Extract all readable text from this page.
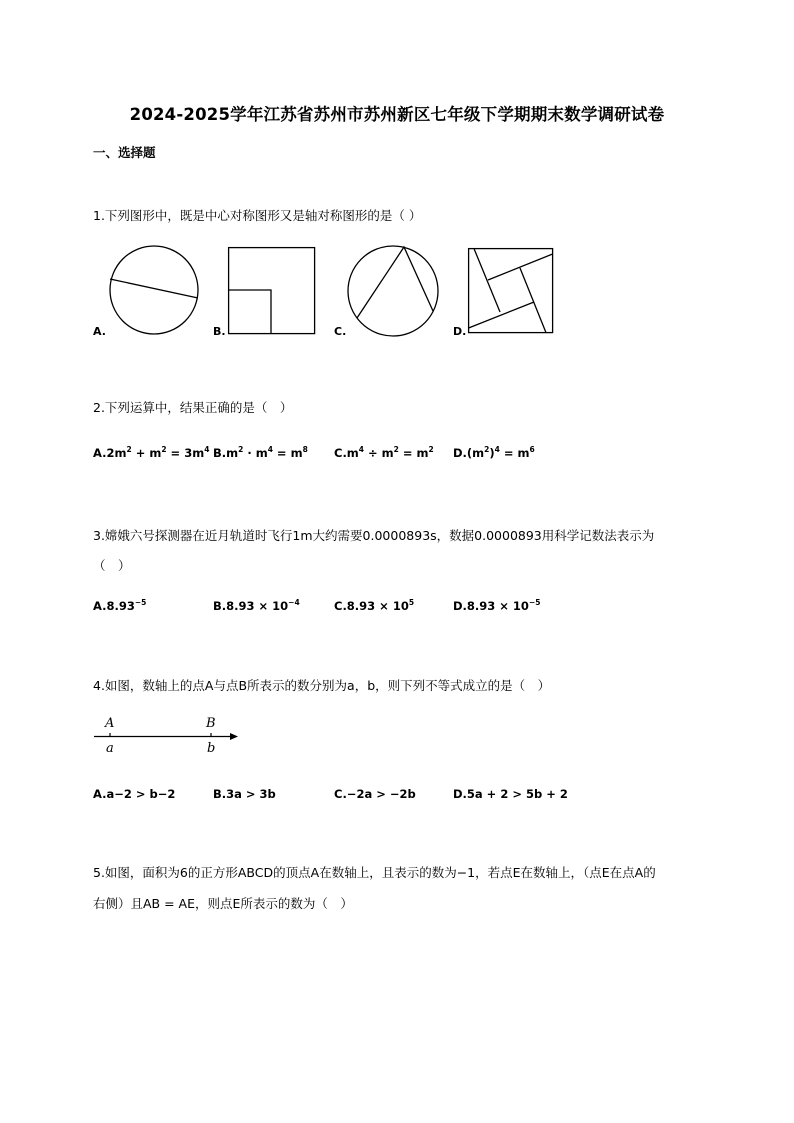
2024-2025学年江苏省苏州市苏州新区七年级下学期期末数学调研试卷
一、选择题
1.下列图形中，既是中心对称图形又是轴对称图形的是（ ）
A.	B.	C.	D.
2.下列运算中，结果正确的是（　）
$A.2m^2 + m^2 = 3m^4$ $B.m^2 \cdot m^4 = m^8$ $C.m^4 \div m^2 = m^2$ $D.(m^2)^4 = m^6$
3.嫦娥六号探测器在近月轨道时飞行1m大约需要0.0000893s，数据0.0000893用科学记数法表示为
（　）
$A.8.93^{-5}$	$B.8.93 \times 10^{-4}$	$C.8.93 \times 10^5$	$D.8.93 \times 10^{-5}$
4.如图，数轴上的点A与点B所表示的数分别为a，b，则下列不等式成立的是（　）
A	B
a	b
A.a−2 > b−2	B.3a > 3b	C.−2a > −2b	D.5a + 2 > 5b + 2
5.如图，面积为6的正方形ABCD的顶点A在数轴上，且表示的数为−1，若点E在数轴上，（点E在点A的
右侧）且AB = AE，则点E所表示的数为（　）
